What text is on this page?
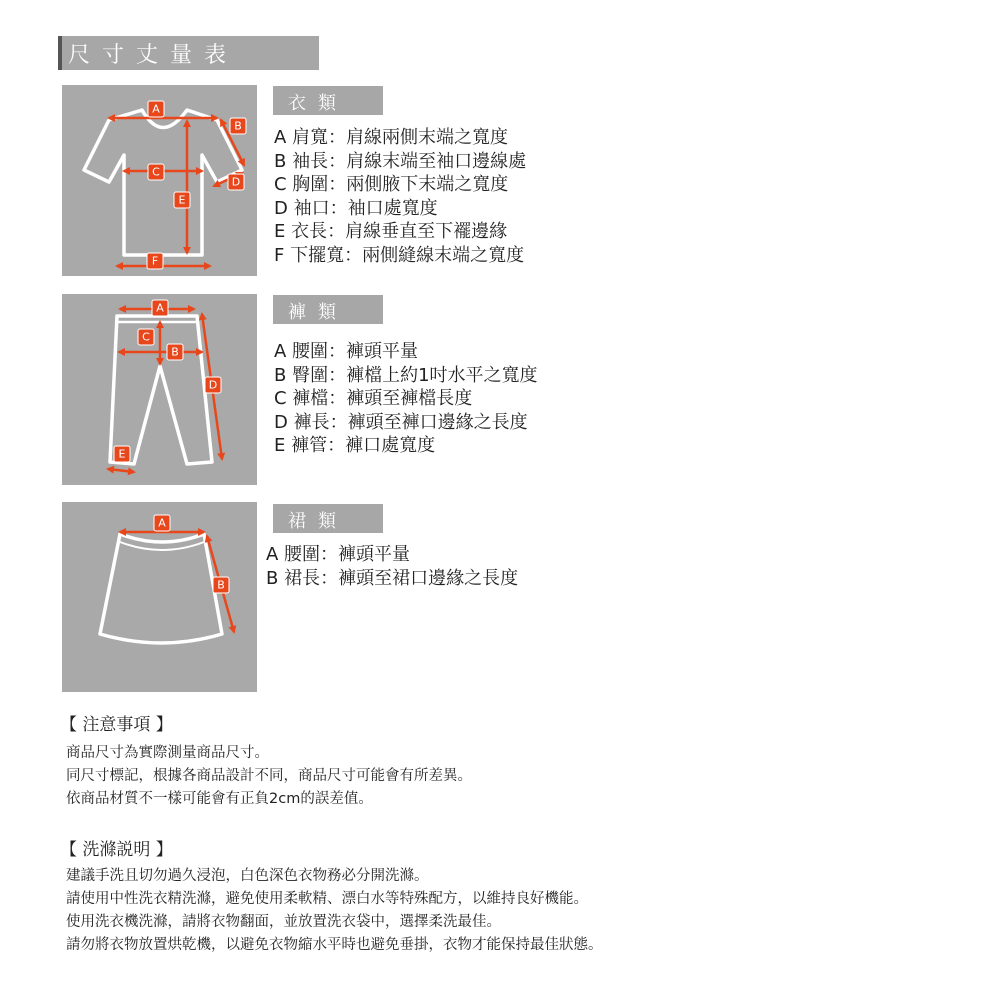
尺寸丈量表
A
B
C
D
E
F
衣類
A 肩寬：肩線兩側末端之寬度
B 袖長：肩線末端至袖口邊線處
C 胸圍：兩側腋下末端之寬度
D 袖口：袖口處寬度
E 衣長：肩線垂直至下襬邊緣
F 下擺寬：兩側縫線末端之寬度
A
C
B
D
E
褲類
A 腰圍：褲頭平量
B 臀圍：褲檔上約1吋水平之寬度
C 褲檔：褲頭至褲檔長度
D 褲長：褲頭至褲口邊緣之長度
E 褲管：褲口處寬度
A
B
裙類
A 腰圍：褲頭平量
B 裙長：褲頭至裙口邊緣之長度
【 注意事項 】
商品尺寸為實際測量商品尺寸。
同尺寸標記，根據各商品設計不同，商品尺寸可能會有所差異。
依商品材質不一樣可能會有正負2cm的誤差值。
【 洗滌説明 】
建議手洗且切勿過久浸泡，白色深色衣物務必分開洗滌。
請使用中性洗衣精洗滌，避免使用柔軟精、漂白水等特殊配方，以維持良好機能。
使用洗衣機洗滌，請將衣物翻面，並放置洗衣袋中，選擇柔洗最佳。
請勿將衣物放置烘乾機，以避免衣物縮水平時也避免垂掛，衣物才能保持最佳狀態。
